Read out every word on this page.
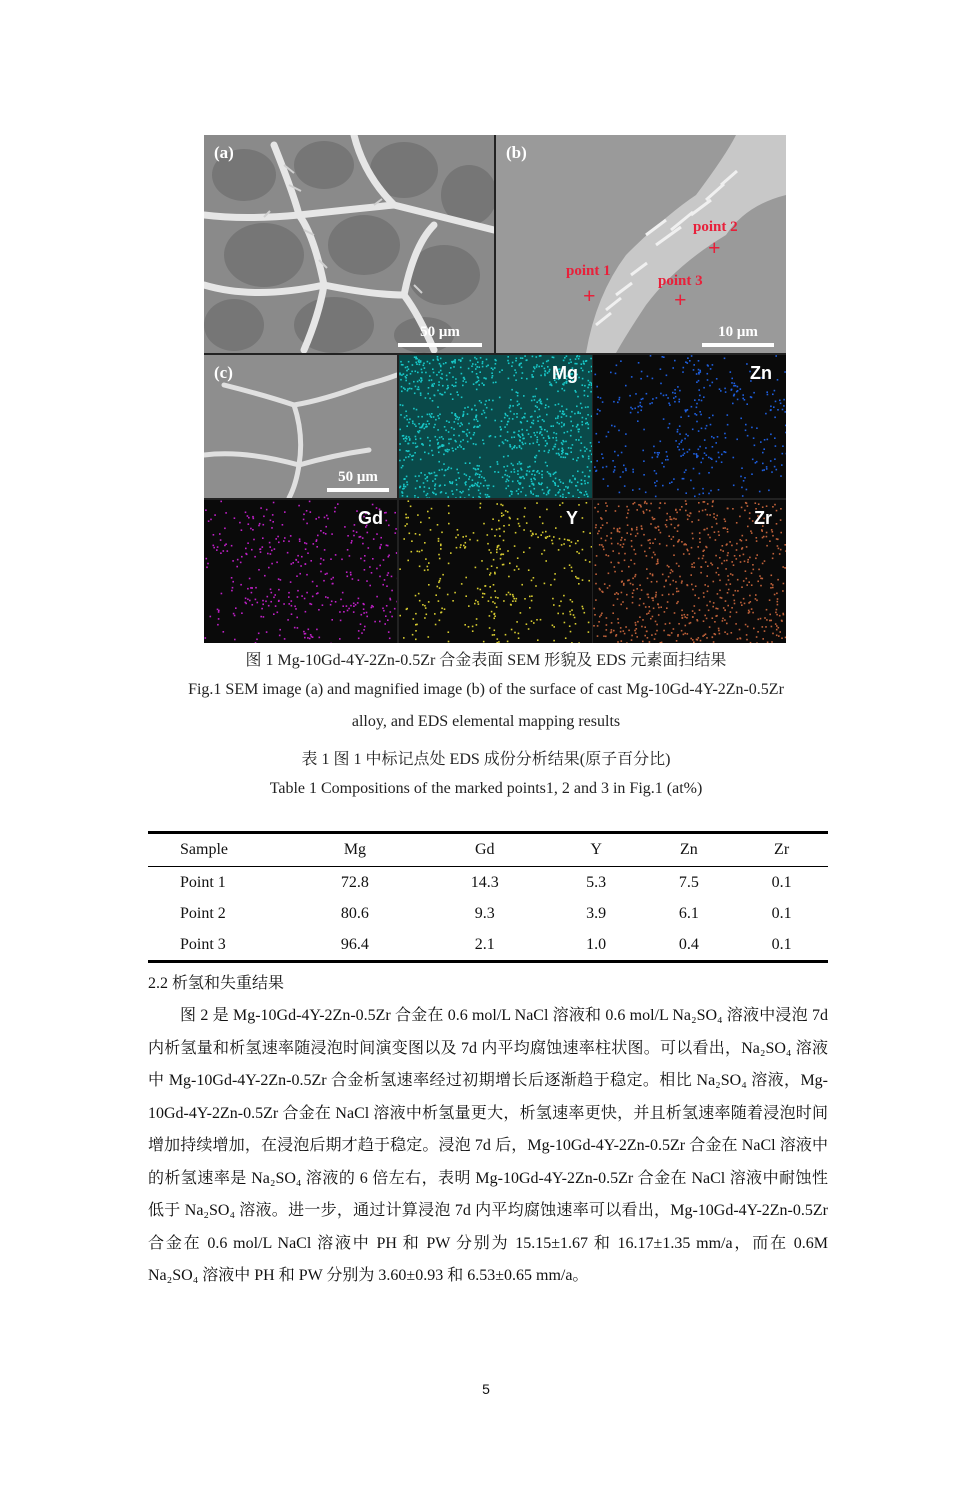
(a)
50 μm
(b)
point 1
+
point 2
+
point 3
+
10 μm
(c)
50 μm
Mg	Zn
Gd	Y	Zr
图 1 Mg-10Gd-4Y-2Zn-0.5Zr 合金表面 SEM 形貌及 EDS 元素面扫结果
Fig.1 SEM image (a) and magnified image (b) of the surface of cast Mg-10Gd-4Y-2Zn-0.5Zr
alloy, and EDS elemental mapping results
表 1 图 1 中标记点处 EDS 成份分析结果(原子百分比)
Table 1 Compositions of the marked points1, 2 and 3 in Fig.1 (at%)
Sample	Mg	Gd	Y	Zn	Zr
Point 1	72.8	14.3	5.3	7.5	0.1
Point 2	80.6	9.3	3.9	6.1	0.1
Point 3	96.4	2.1	1.0	0.4	0.1
2.2 析氢和失重结果

图 2 是 Mg-10Gd-4Y-2Zn-0.5Zr 合金在 0.6 mol/L NaCl 溶液和 0.6 mol/L Na₂SO₄ 溶液中浸泡 7d 内析氢量和析氢速率随浸泡时间演变图以及 7d 内平均腐蚀速率柱状图。可以看出，Na₂SO₄ 溶液中 Mg-10Gd-4Y-2Zn-0.5Zr 合金析氢速率经过初期增长后逐渐趋于稳定。相比 Na₂SO₄ 溶液，Mg-10Gd-4Y-2Zn-0.5Zr 合金在 NaCl 溶液中析氢量更大，析氢速率更快，并且析氢速率随着浸泡时间增加持续增加，在浸泡后期才趋于稳定。浸泡 7d 后，Mg-10Gd-4Y-2Zn-0.5Zr 合金在 NaCl 溶液中的析氢速率是 Na₂SO₄ 溶液的 6 倍左右，表明 Mg-10Gd-4Y-2Zn-0.5Zr 合金在 NaCl 溶液中耐蚀性低于 Na₂SO₄ 溶液。进一步，通过计算浸泡 7d 内平均腐蚀速率可以看出，Mg-10Gd-4Y-2Zn-0.5Zr 合金在 0.6 mol/L NaCl 溶液中 PH 和 PW 分别为 15.15±1.67 和 16.17±1.35 mm/a，而在 0.6M Na₂SO₄ 溶液中 PH 和 PW 分别为 3.60±0.93 和 6.53±0.65 mm/a。

5
